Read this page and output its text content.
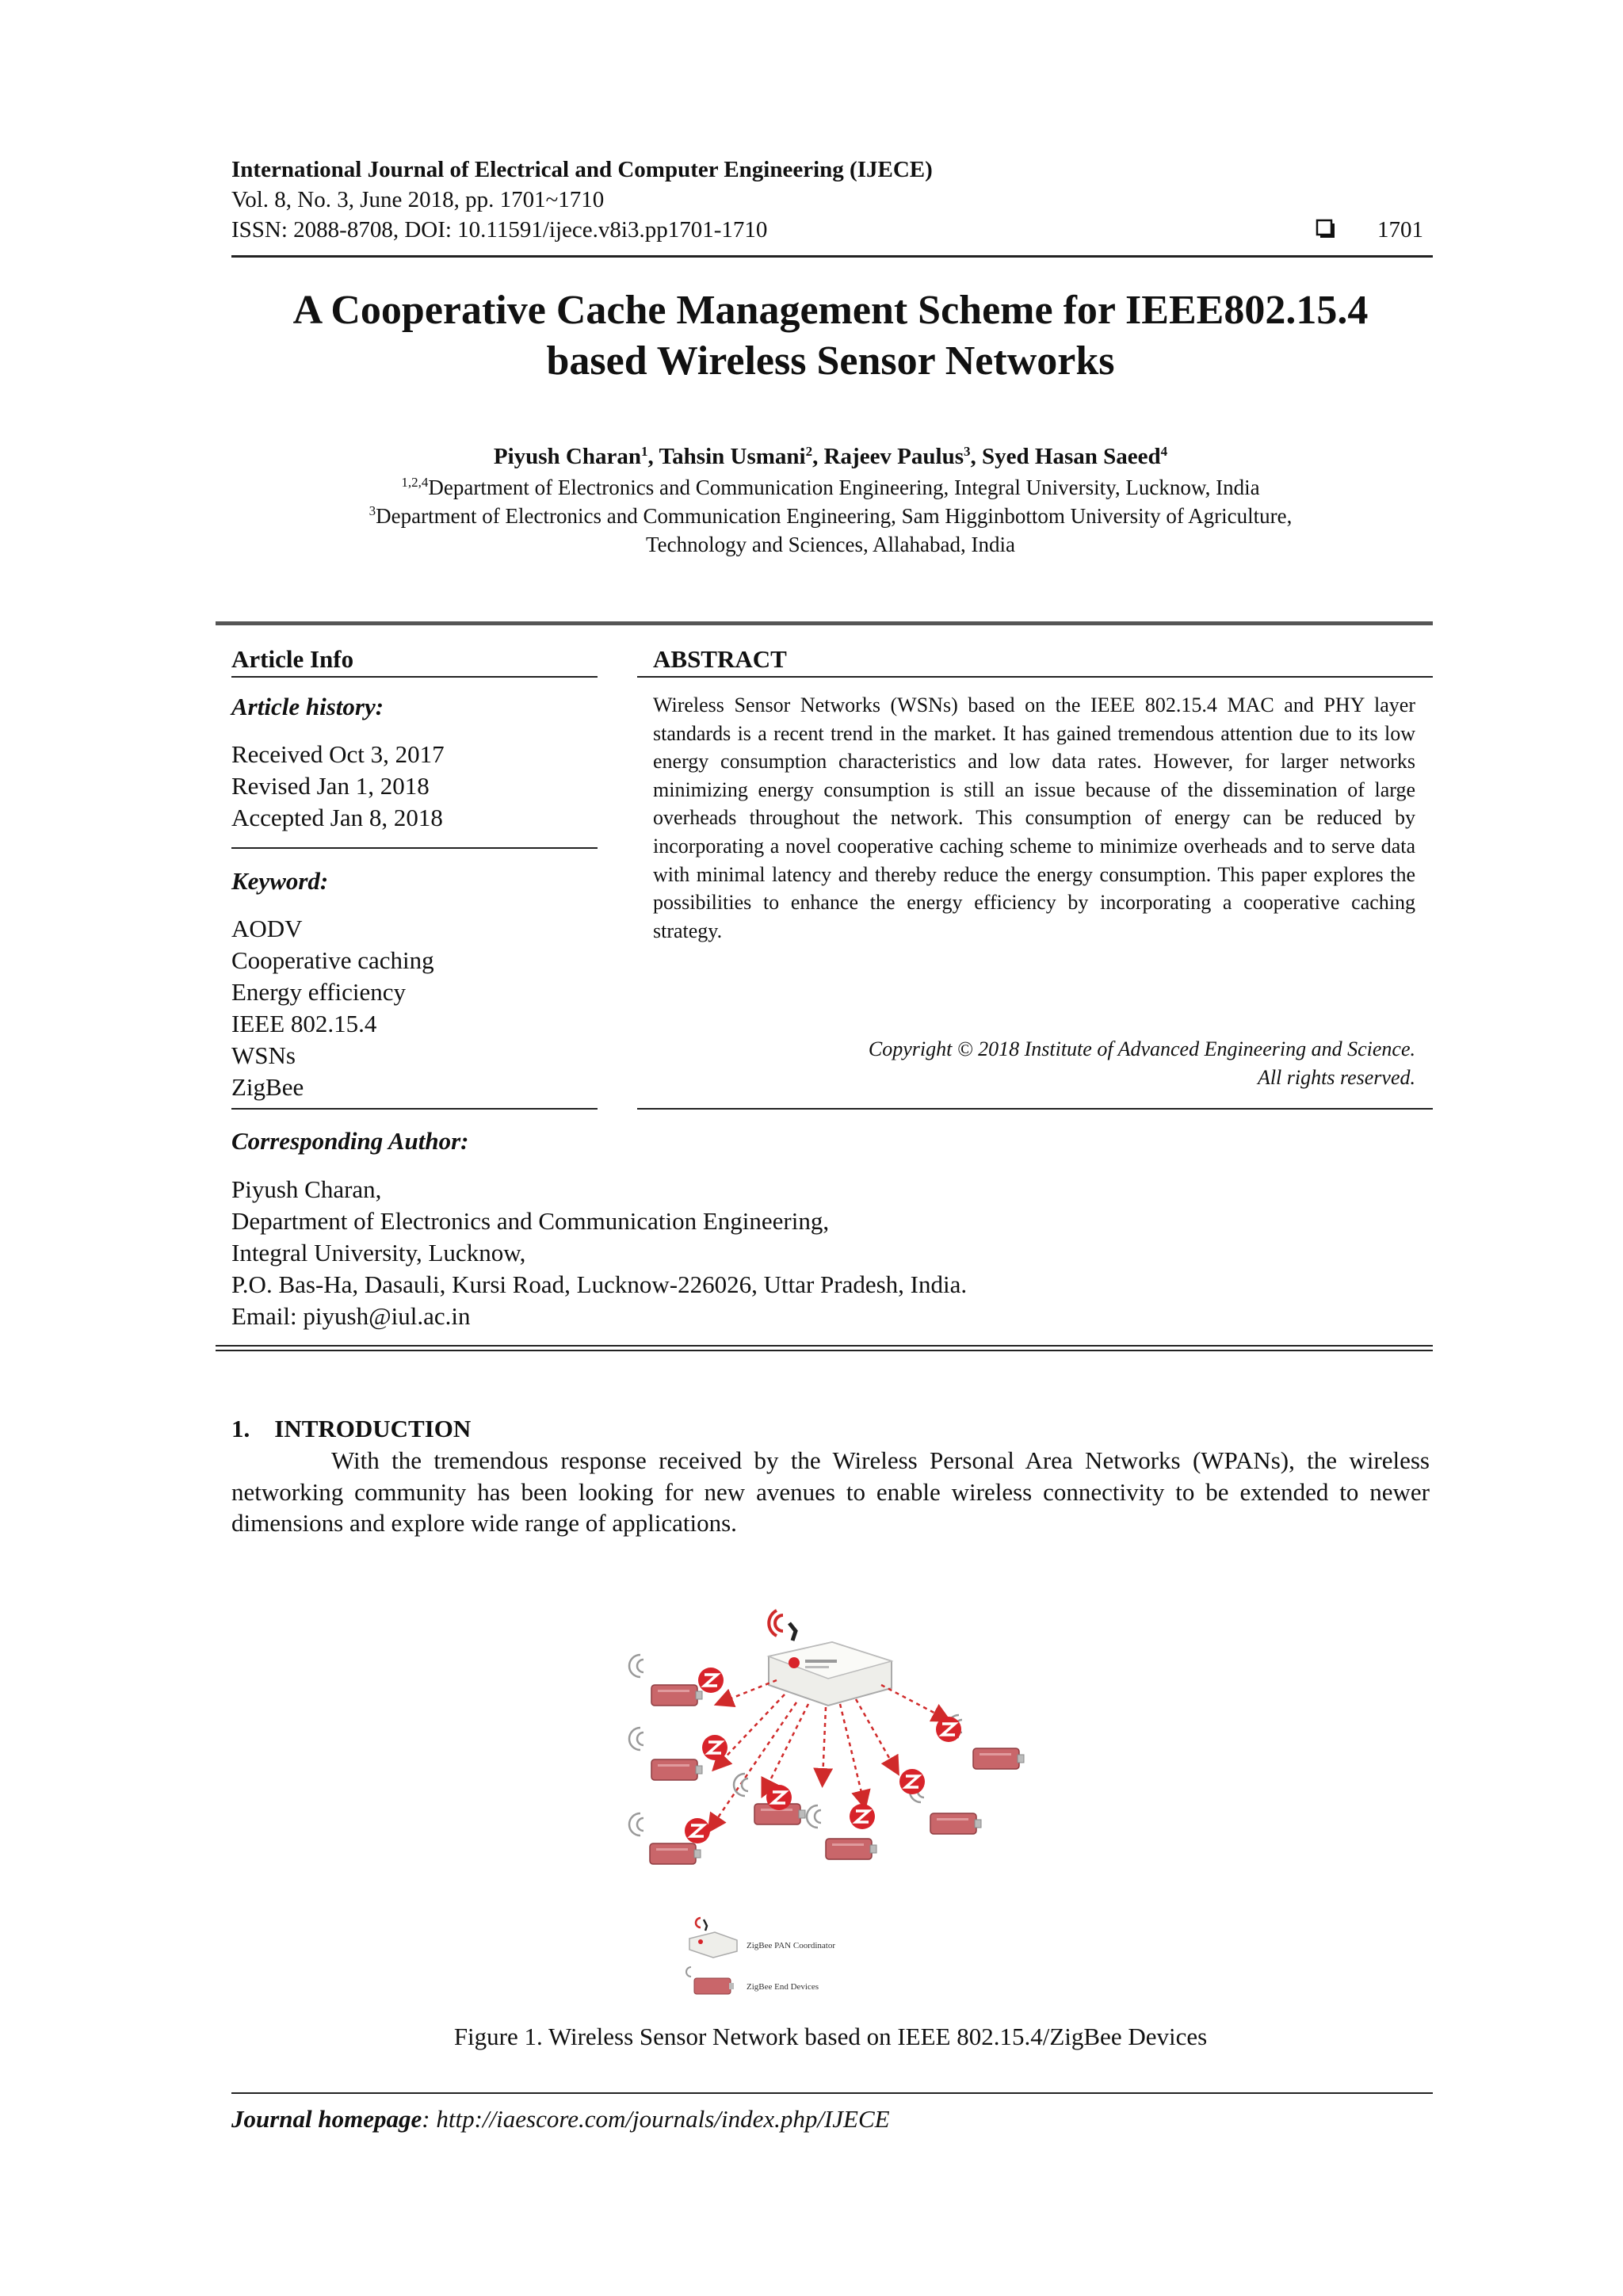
International Journal of Electrical and Computer Engineering (IJECE)
Vol. 8, No. 3, June 2018, pp. 1701~1710
ISSN: 2088-8708, DOI: 10.11591/ijece.v8i3.pp1701-1710	1701
A Cooperative Cache Management Scheme for IEEE802.15.4
based Wireless Sensor Networks
Piyush Charan$^1$, Tahsin Usmani$^2$, Rajeev Paulus$^3$, Syed Hasan Saeed$^4$
$^{1,2,4}$Department of Electronics and Communication Engineering, Integral University, Lucknow, India
$^3$Department of Electronics and Communication Engineering, Sam Higginbottom University of Agriculture,
Technology and Sciences, Allahabad, India
Article Info
Article history:
Received Oct 3, 2017
Revised Jan 1, 2018
Accepted Jan 8, 2018
Keyword:
AODV
Cooperative caching
Energy efficiency
IEEE 802.15.4
WSNs
ZigBee
ABSTRACT
Wireless Sensor Networks (WSNs) based on the IEEE 802.15.4 MAC and PHY layer standards is a recent trend in the market. It has gained tremendous attention due to its low energy consumption characteristics and low data rates. However, for larger networks minimizing energy consumption is still an issue because of the dissemination of large overheads throughout the network. This consumption of energy can be reduced by incorporating a novel cooperative caching scheme to minimize overheads and to serve data with minimal latency and thereby reduce the energy consumption. This paper explores the possibilities to enhance the energy efficiency by incorporating a cooperative caching strategy.
Copyright © 2018 Institute of Advanced Engineering and Science.
All rights reserved.
Corresponding Author:
Piyush Charan,
Department of Electronics and Communication Engineering,
Integral University, Lucknow,
P.O. Bas-Ha, Dasauli, Kursi Road, Lucknow-226026, Uttar Pradesh, India.
Email: piyush@iul.ac.in
1.    INTRODUCTION
With the tremendous response received by the Wireless Personal Area Networks (WPANs), the wireless networking community has been looking for new avenues to enable wireless connectivity to be extended to newer dimensions and explore wide range of applications.
ZigBee PAN Coordinator
ZigBee End Devices
Figure 1. Wireless Sensor Network based on IEEE 802.15.4/ZigBee Devices
Journal homepage: http://iaescore.com/journals/index.php/IJECE
